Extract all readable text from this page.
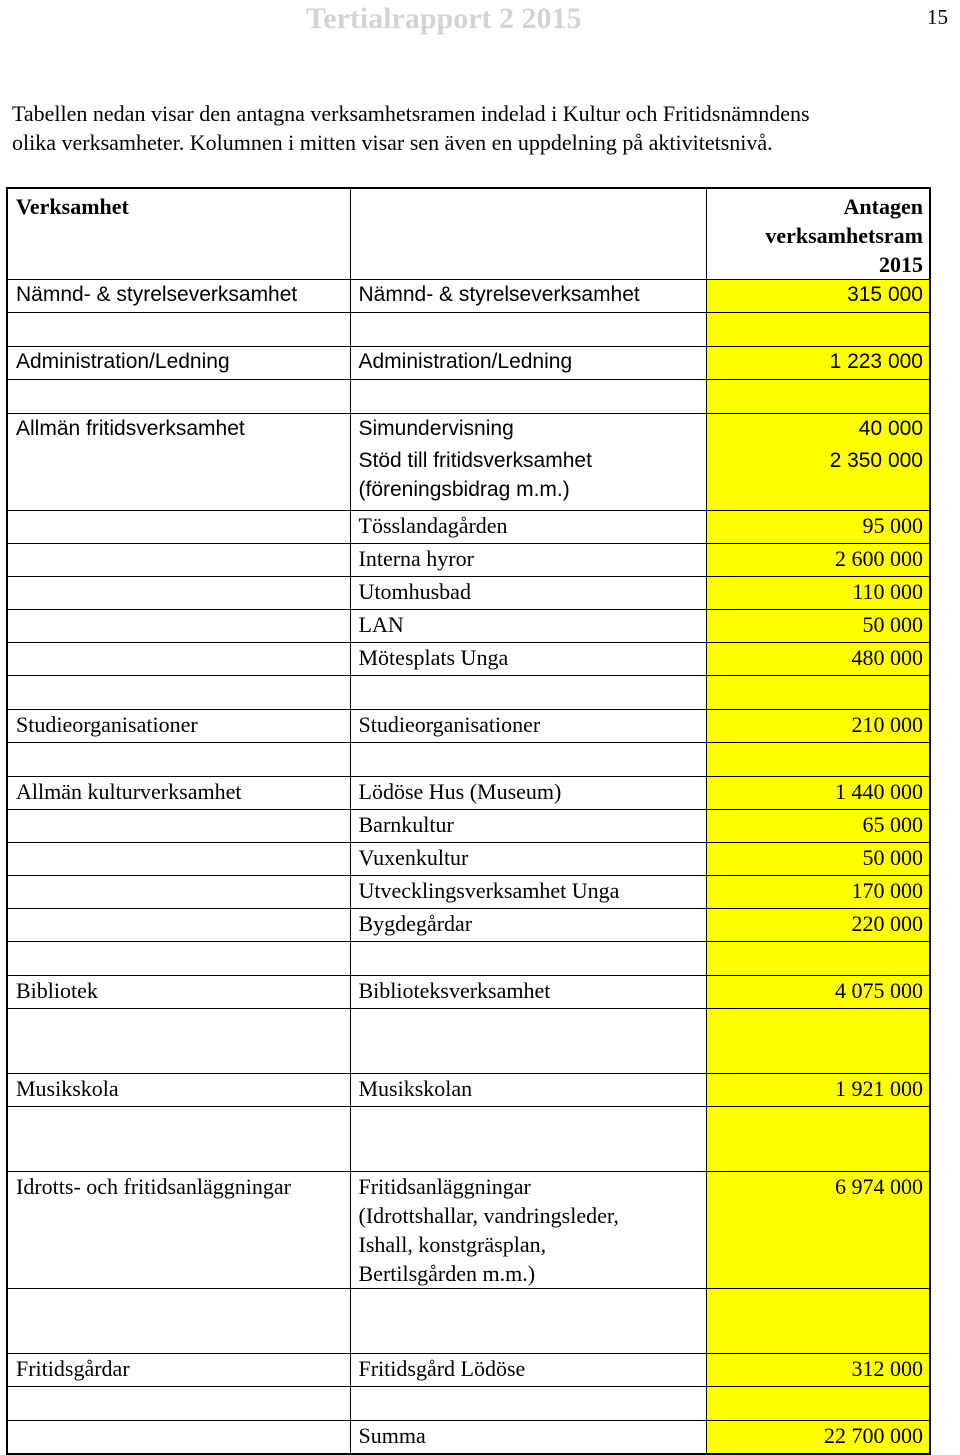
Tertialrapport 2 2015	15
Tabellen nedan visar den antagna verksamhetsramen indelad i Kultur och Fritidsnämndens
olika verksamheter. Kolumnen i mitten visar sen även en uppdelning på aktivitetsnivå.
Verksamhet		Antagen
verksamhetsram
2015

Nämnd- & styrelseverksamhet	Nämnd- & styrelseverksamhet	315 000

Administration/Ledning	Administration/Ledning	1 223 000

Allmän fritidsverksamhet	Simundervisning	40 000

	Stöd till fritidsverksamhet
(föreningsbidrag m.m.)	2 350 000
	Tösslandagården	95 000
	Interna hyror	2 600 000
	Utomhusbad	110 000
	LAN	50 000
	Mötesplats Unga	480 000

Studieorganisationer	Studieorganisationer	210 000

Allmän kulturverksamhet	Lödöse Hus (Museum)	1 440 000
	Barnkultur	65 000
	Vuxenkultur	50 000
	Utvecklingsverksamhet Unga	170 000
	Bygdegårdar	220 000

Bibliotek	Biblioteksverksamhet	4 075 000

Musikskola	Musikskolan	1 921 000

Idrotts- och fritidsanläggningar	Fritidsanläggningar
(Idrottshallar, vandringsleder,
Ishall, konstgräsplan,
Bertilsgården m.m.)	6 974 000

Fritidsgårdar	Fritidsgård Lödöse	312 000

	Summa	22 700 000
